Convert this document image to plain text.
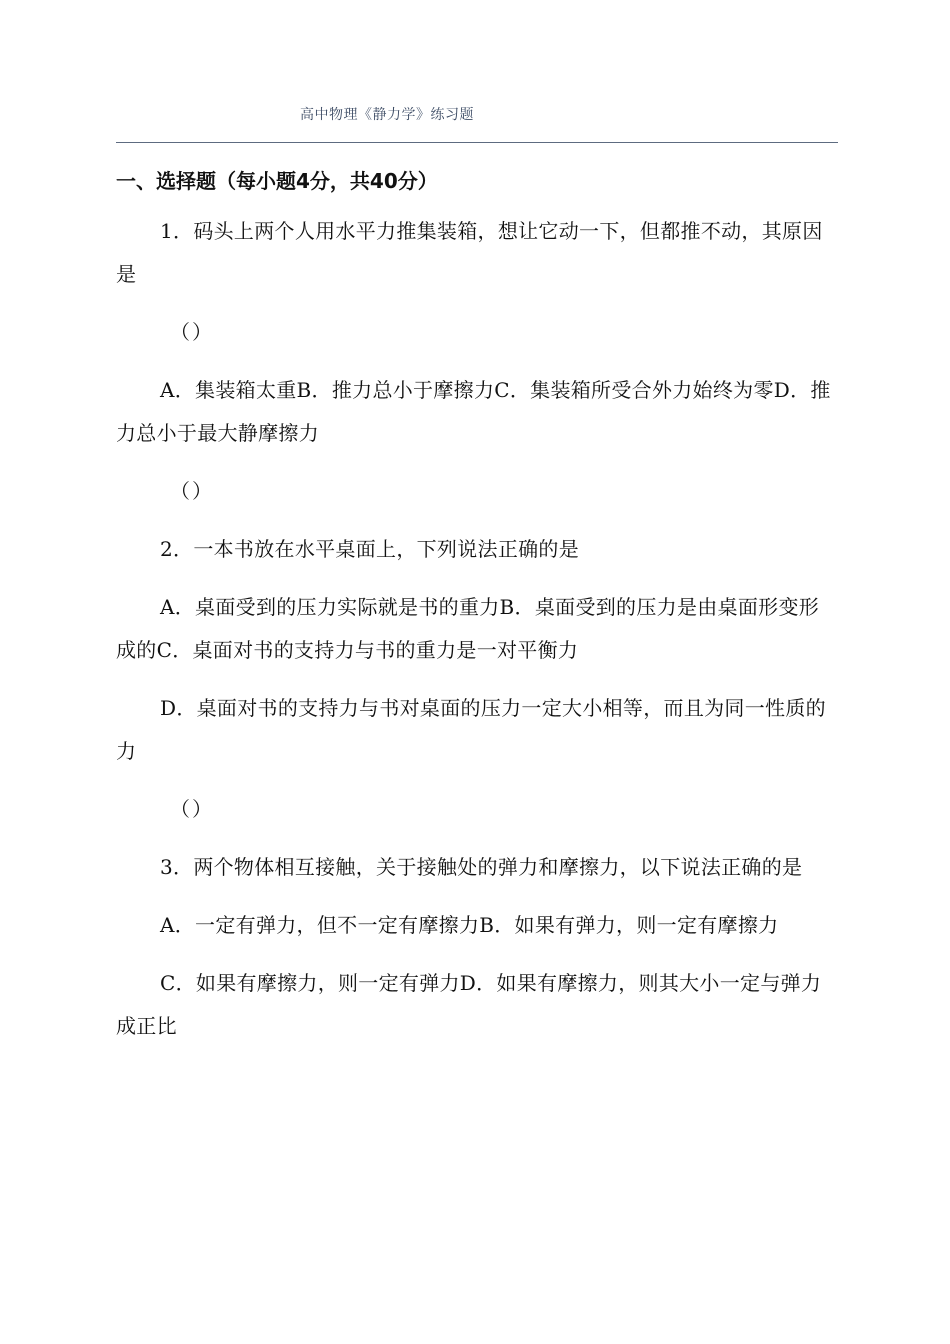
高中物理《静力学》练习题
一、选择题（每小题4分，共40分）

1．码头上两个人用水平力推集装箱，想让它动一下，但都推不动，其原因是

（）

A．集装箱太重B．推力总小于摩擦力C．集装箱所受合外力始终为零D．推力总小于最大静摩擦力

（）

2．一本书放在水平桌面上，下列说法正确的是

A．桌面受到的压力实际就是书的重力B．桌面受到的压力是由桌面形变形成的C．桌面对书的支持力与书的重力是一对平衡力

D．桌面对书的支持力与书对桌面的压力一定大小相等，而且为同一性质的力

（）

3．两个物体相互接触，关于接触处的弹力和摩擦力，以下说法正确的是

A．一定有弹力，但不一定有摩擦力B．如果有弹力，则一定有摩擦力

C．如果有摩擦力，则一定有弹力D．如果有摩擦力，则其大小一定与弹力成正比
